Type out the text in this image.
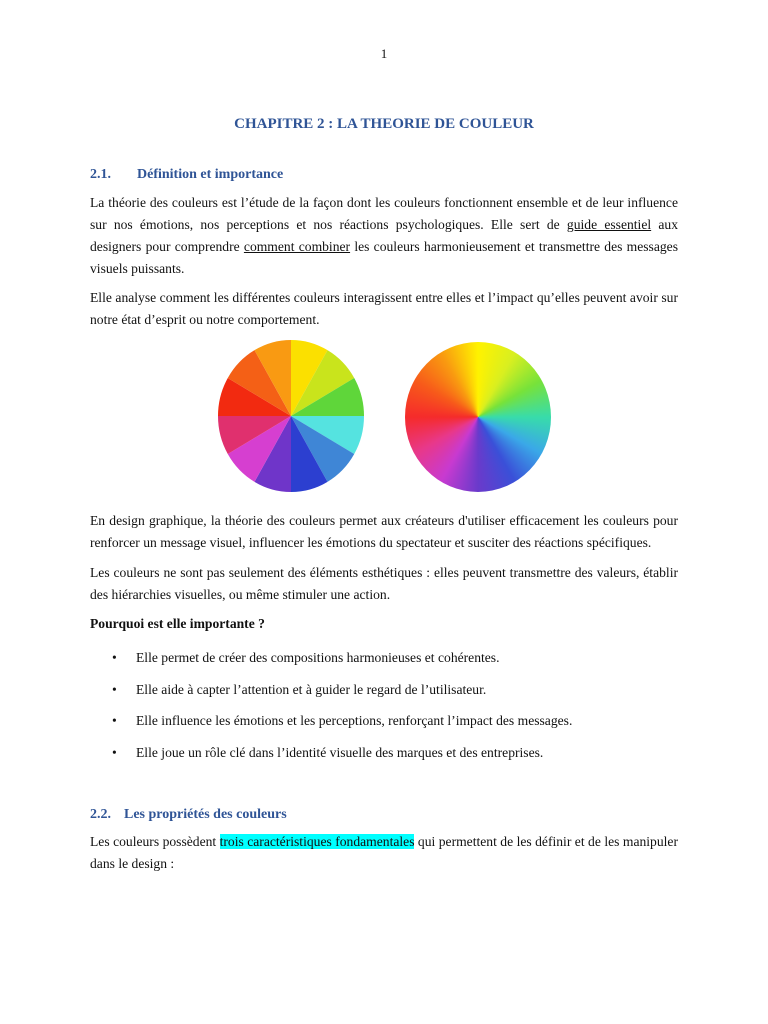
1
CHAPITRE 2 : LA THEORIE DE COULEUR
2.1. Définition et importance

La théorie des couleurs est l’étude de la façon dont les couleurs fonctionnent ensemble et de leur influence sur nos émotions, nos perceptions et nos réactions psychologiques. Elle sert de guide essentiel aux designers pour comprendre comment combiner les couleurs harmonieusement et transmettre des messages visuels puissants.

Elle analyse comment les différentes couleurs interagissent entre elles et l’impact qu’elles peuvent avoir sur notre état d’esprit ou notre comportement.

En design graphique, la théorie des couleurs permet aux créateurs d'utiliser efficacement les couleurs pour renforcer un message visuel, influencer les émotions du spectateur et susciter des réactions spécifiques.

Les couleurs ne sont pas seulement des éléments esthétiques : elles peuvent transmettre des valeurs, établir des hiérarchies visuelles, ou même stimuler une action.

Pourquoi est elle importante ?
• Elle permet de créer des compositions harmonieuses et cohérentes.
• Elle aide à capter l’attention et à guider le regard de l’utilisateur.
• Elle influence les émotions et les perceptions, renforçant l’impact des messages.
• Elle joue un rôle clé dans l’identité visuelle des marques et des entreprises.
2.2. Les propriétés des couleurs

Les couleurs possèdent trois caractéristiques fondamentales qui permettent de les définir et de les manipuler dans le design :
